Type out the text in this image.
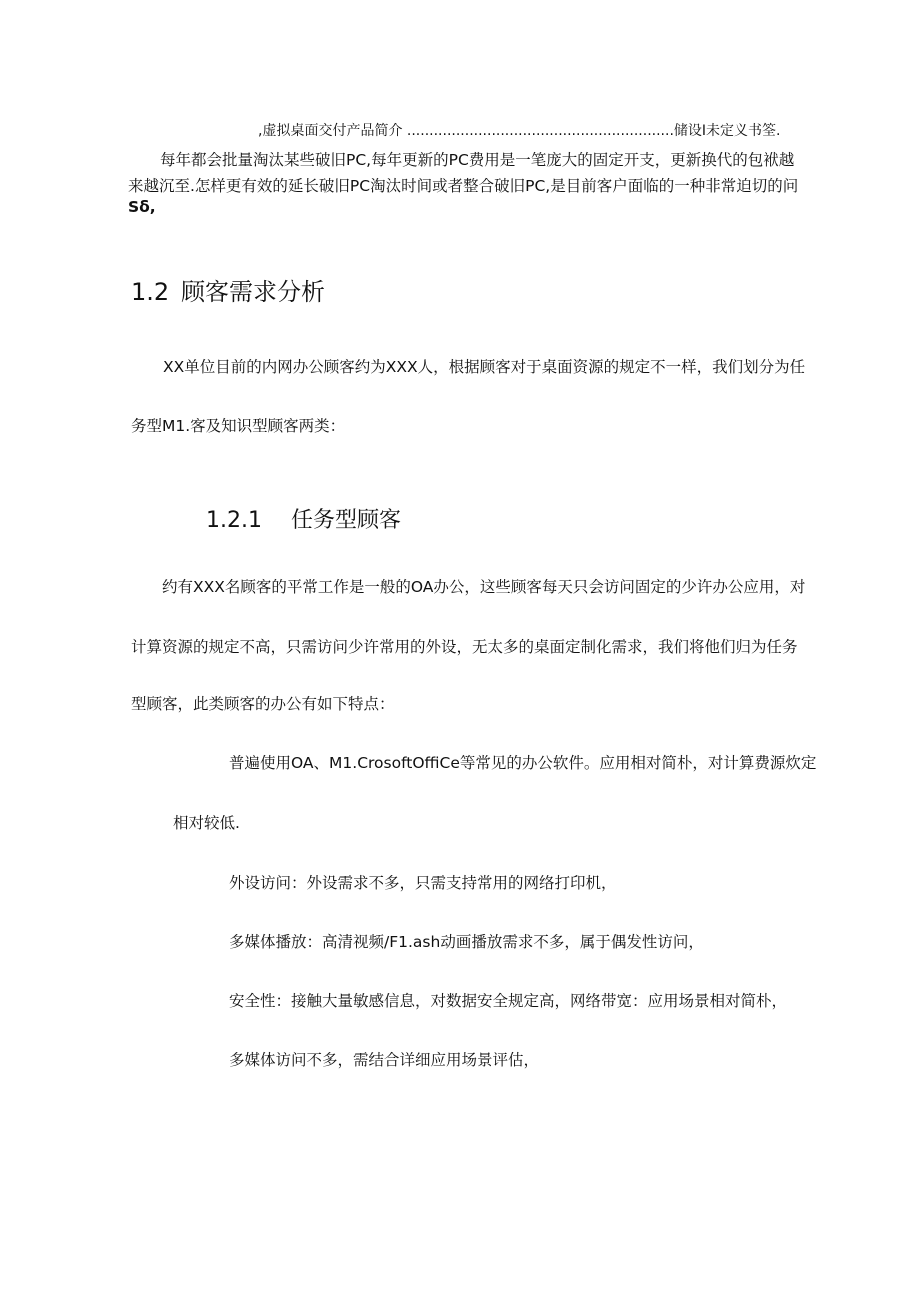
,虚拟桌面交付产品简介 ............................................................储设I未定义书筌.
每年都会批量淘汰某些破旧PC,每年更新的PC费用是一笔庞大的固定开支，更新换代的包袱越
来越沉至.怎样更有效的延长破旧PC淘汰时间或者整合破旧PC,是目前客户面临的一种非常迫切的问
Sδ,
1.2 顾客需求分析
XX单位目前的内网办公顾客约为XXX人，根据顾客对于桌面资源的规定不一样，我们划分为任
务型M1.客及知识型顾客两类：
1.2.1 任务型顾客
约有XXX名顾客的平常工作是一般的OA办公，这些顾客每天只会访问固定的少许办公应用，对
计算资源的规定不高，只需访问少许常用的外设，无太多的桌面定制化需求，我们将他们归为任务
型顾客，此类顾客的办公有如下特点：
普遍使用OA、M1.CrosoftOffiCe等常见的办公软件。应用相对简朴，对计算费源炊定
相对较低.
外设访问：外设需求不多，只需支持常用的网络打印机，
多媒体播放：高清视频/F1.ash动画播放需求不多，属于偶发性访问，
安全性：接触大量敏感信息，对数据安全规定高，网络带宽：应用场景相对简朴，
多媒体访问不多，需结合详细应用场景评估，
